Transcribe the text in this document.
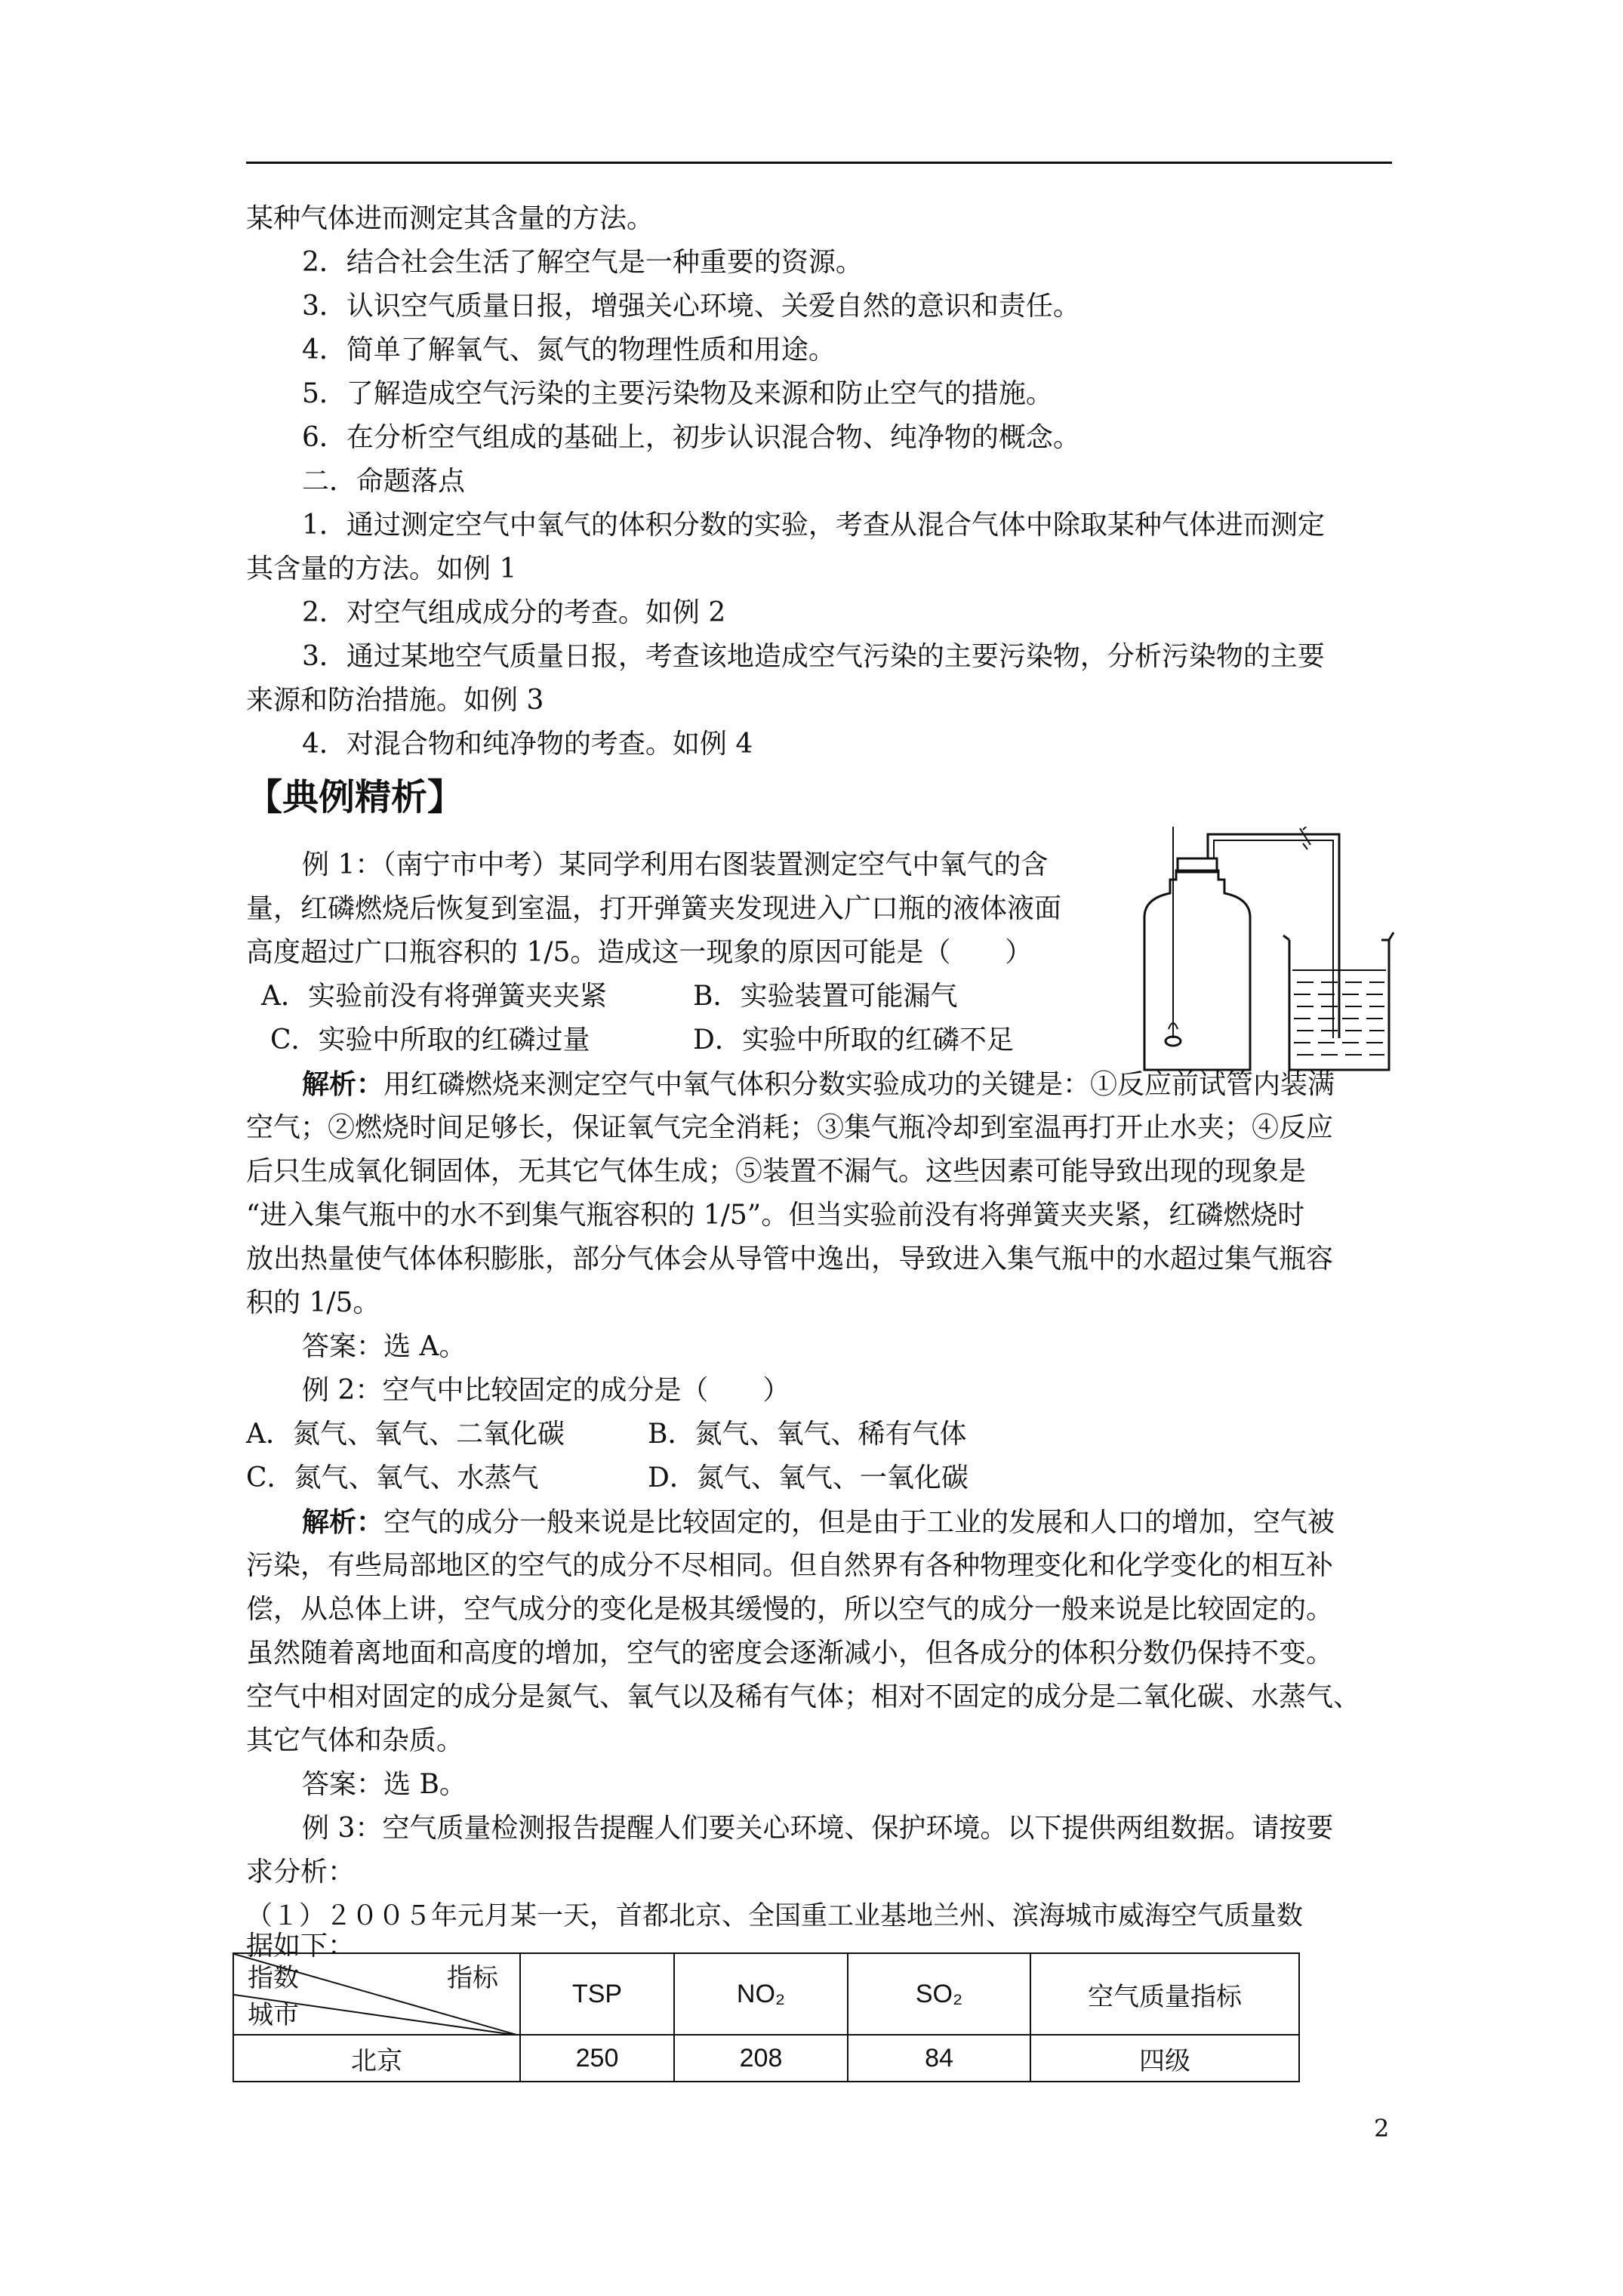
某种气体进而测定其含量的方法。
2．结合社会生活了解空气是一种重要的资源。
3．认识空气质量日报，增强关心环境、关爱自然的意识和责任。
4．简单了解氧气、氮气的物理性质和用途。
5．了解造成空气污染的主要污染物及来源和防止空气的措施。
6．在分析空气组成的基础上，初步认识混合物、纯净物的概念。
二．命题落点
1．通过测定空气中氧气的体积分数的实验，考查从混合气体中除取某种气体进而测定
其含量的方法。如例 1
2．对空气组成成分的考查。如例 2
3．通过某地空气质量日报，考查该地造成空气污染的主要污染物，分析污染物的主要
来源和防治措施。如例 3
4．对混合物和纯净物的考查。如例 4
【典例精析】
例 1：（南宁市中考）某同学利用右图装置测定空气中氧气的含
量，红磷燃烧后恢复到室温，打开弹簧夹发现进入广口瓶的液体液面
高度超过广口瓶容积的 1/5。造成这一现象的原因可能是（　　）
A．实验前没有将弹簧夹夹紧	B．实验装置可能漏气
C．实验中所取的红磷过量	D．实验中所取的红磷不足
解析：用红磷燃烧来测定空气中氧气体积分数实验成功的关键是：①反应前试管内装满
空气；②燃烧时间足够长，保证氧气完全消耗；③集气瓶冷却到室温再打开止水夹；④反应
后只生成氧化铜固体，无其它气体生成；⑤装置不漏气。这些因素可能导致出现的现象是
“进入集气瓶中的水不到集气瓶容积的 1/5”。但当实验前没有将弹簧夹夹紧，红磷燃烧时
放出热量使气体体积膨胀，部分气体会从导管中逸出，导致进入集气瓶中的水超过集气瓶容
积的 1/5。
答案：选 A。
例 2：空气中比较固定的成分是（　　）
A．氮气、氧气、二氧化碳	B．氮气、氧气、稀有气体
C．氮气、氧气、水蒸气	D．氮气、氧气、一氧化碳
解析：空气的成分一般来说是比较固定的，但是由于工业的发展和人口的增加，空气被
污染，有些局部地区的空气的成分不尽相同。但自然界有各种物理变化和化学变化的相互补
偿，从总体上讲，空气成分的变化是极其缓慢的，所以空气的成分一般来说是比较固定的。
虽然随着离地面和高度的增加，空气的密度会逐渐减小，但各成分的体积分数仍保持不变。
空气中相对固定的成分是氮气、氧气以及稀有气体；相对不固定的成分是二氧化碳、水蒸气、
其它气体和杂质。
答案：选 B。
例 3：空气质量检测报告提醒人们要关心环境、保护环境。以下提供两组数据。请按要
求分析：
（１）２００５年元月某一天，首都北京、全国重工业基地兰州、滨海城市威海空气质量数
据如下：
指数 指标
城市	TSP	NO₂	SO₂	空气质量指标
北京	250	208	84	四级
2
